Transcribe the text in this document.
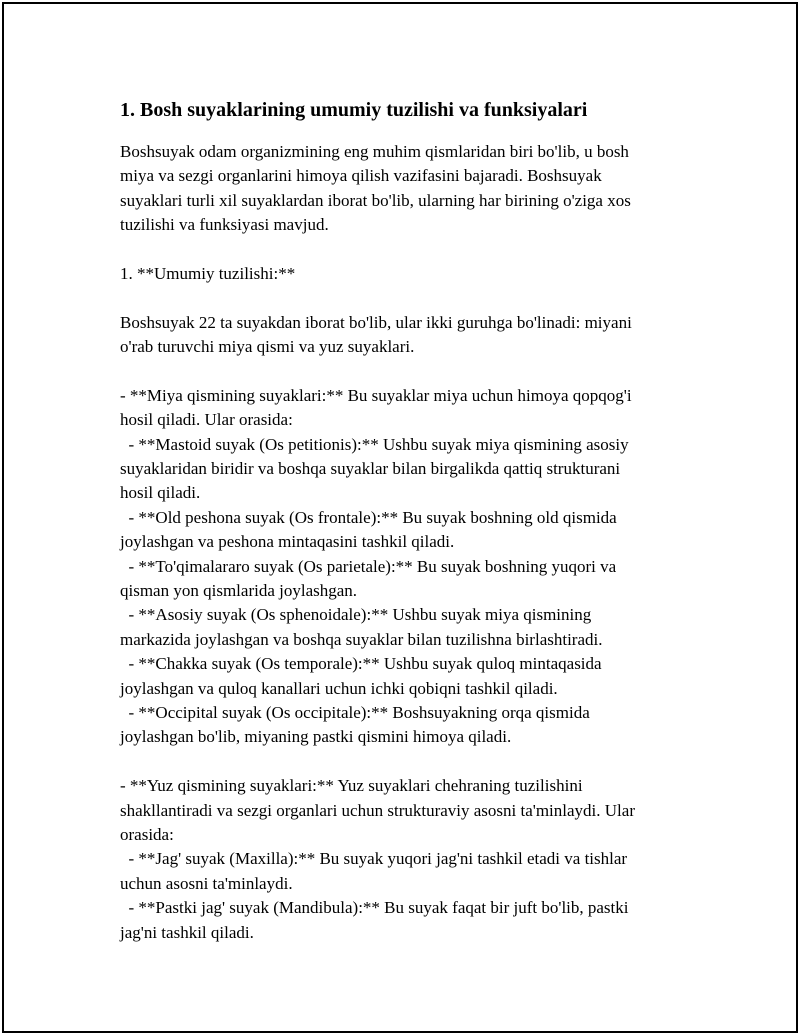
1. Bosh suyaklarining umumiy tuzilishi va funksiyalari
Boshsuyak odam organizmining eng muhim qismlaridan biri bo'lib, u bosh
miya va sezgi organlarini himoya qilish vazifasini bajaradi. Boshsuyak
suyaklari turli xil suyaklardan iborat bo'lib, ularning har birining o'ziga xos
tuzilishi va funksiyasi mavjud.
1. **Umumiy tuzilishi:**
Boshsuyak 22 ta suyakdan iborat bo'lib, ular ikki guruhga bo'linadi: miyani
o'rab turuvchi miya qismi va yuz suyaklari.
- **Miya qismining suyaklari:** Bu suyaklar miya uchun himoya qopqog'i
hosil qiladi. Ular orasida:
- **Mastoid suyak (Os petitionis):** Ushbu suyak miya qismining asosiy
suyaklaridan biridir va boshqa suyaklar bilan birgalikda qattiq strukturani
hosil qiladi.
- **Old peshona suyak (Os frontale):** Bu suyak boshning old qismida
joylashgan va peshona mintaqasini tashkil qiladi.
- **To'qimalararo suyak (Os parietale):** Bu suyak boshning yuqori va
qisman yon qismlarida joylashgan.
- **Asosiy suyak (Os sphenoidale):** Ushbu suyak miya qismining
markazida joylashgan va boshqa suyaklar bilan tuzilishna birlashtiradi.
- **Chakka suyak (Os temporale):** Ushbu suyak quloq mintaqasida
joylashgan va quloq kanallari uchun ichki qobiqni tashkil qiladi.
- **Occipital suyak (Os occipitale):** Boshsuyakning orqa qismida
joylashgan bo'lib, miyaning pastki qismini himoya qiladi.
- **Yuz qismining suyaklari:** Yuz suyaklari chehraning tuzilishini
shakllantiradi va sezgi organlari uchun strukturaviy asosni ta'minlaydi. Ular
orasida:
- **Jag' suyak (Maxilla):** Bu suyak yuqori jag'ni tashkil etadi va tishlar
uchun asosni ta'minlaydi.
- **Pastki jag' suyak (Mandibula):** Bu suyak faqat bir juft bo'lib, pastki
jag'ni tashkil qiladi.
